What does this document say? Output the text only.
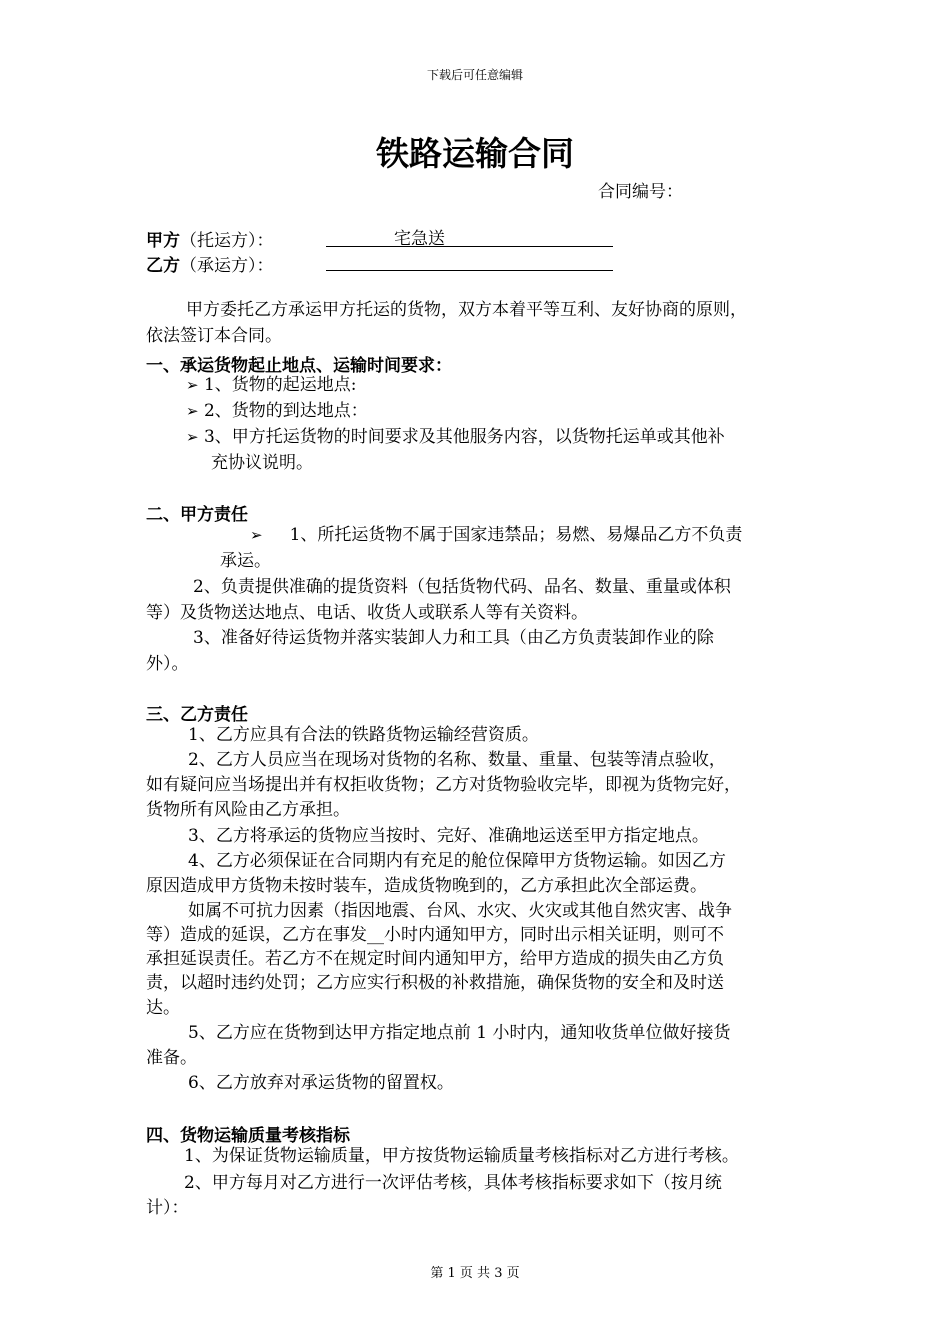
下载后可任意编辑
铁路运输合同
合同编号：
甲方（托运方）：	宅急送
乙方（承运方）：
甲方委托乙方承运甲方托运的货物，双方本着平等互利、友好协商的原则，
依法签订本合同。
一、承运货物起止地点、运输时间要求：
➢ 1、货物的起运地点:
➢ 2、货物的到达地点：
➢ 3、甲方托运货物的时间要求及其他服务内容，以货物托运单或其他补
充协议说明。
二、甲方责任
➢ 1、所托运货物不属于国家违禁品；易燃、易爆品乙方不负责
承运。
2、负责提供准确的提货资料（包括货物代码、品名、数量、重量或体积
等）及货物送达地点、电话、收货人或联系人等有关资料。
3、准备好待运货物并落实装卸人力和工具（由乙方负责装卸作业的除
外）。
三、乙方责任
1、乙方应具有合法的铁路货物运输经营资质。
2、乙方人员应当在现场对货物的名称、数量、重量、包装等清点验收，
如有疑问应当场提出并有权拒收货物；乙方对货物验收完毕，即视为货物完好，
货物所有风险由乙方承担。
3、乙方将承运的货物应当按时、完好、准确地运送至甲方指定地点。
4、乙方必须保证在合同期内有充足的舱位保障甲方货物运输。如因乙方
原因造成甲方货物未按时装车，造成货物晚到的，乙方承担此次全部运费。
如属不可抗力因素（指因地震、台风、水灾、火灾或其他自然灾害、战争
等）造成的延误，乙方在事发__小时内通知甲方，同时出示相关证明，则可不
承担延误责任。若乙方不在规定时间内通知甲方，给甲方造成的损失由乙方负
责，以超时违约处罚；乙方应实行积极的补救措施，确保货物的安全和及时送
达。
5、乙方应在货物到达甲方指定地点前 1 小时内，通知收货单位做好接货
准备。
6、乙方放弃对承运货物的留置权。
四、货物运输质量考核指标
1、为保证货物运输质量，甲方按货物运输质量考核指标对乙方进行考核。
2、甲方每月对乙方进行一次评估考核，具体考核指标要求如下（按月统
计）：
第 1 页 共 3 页
